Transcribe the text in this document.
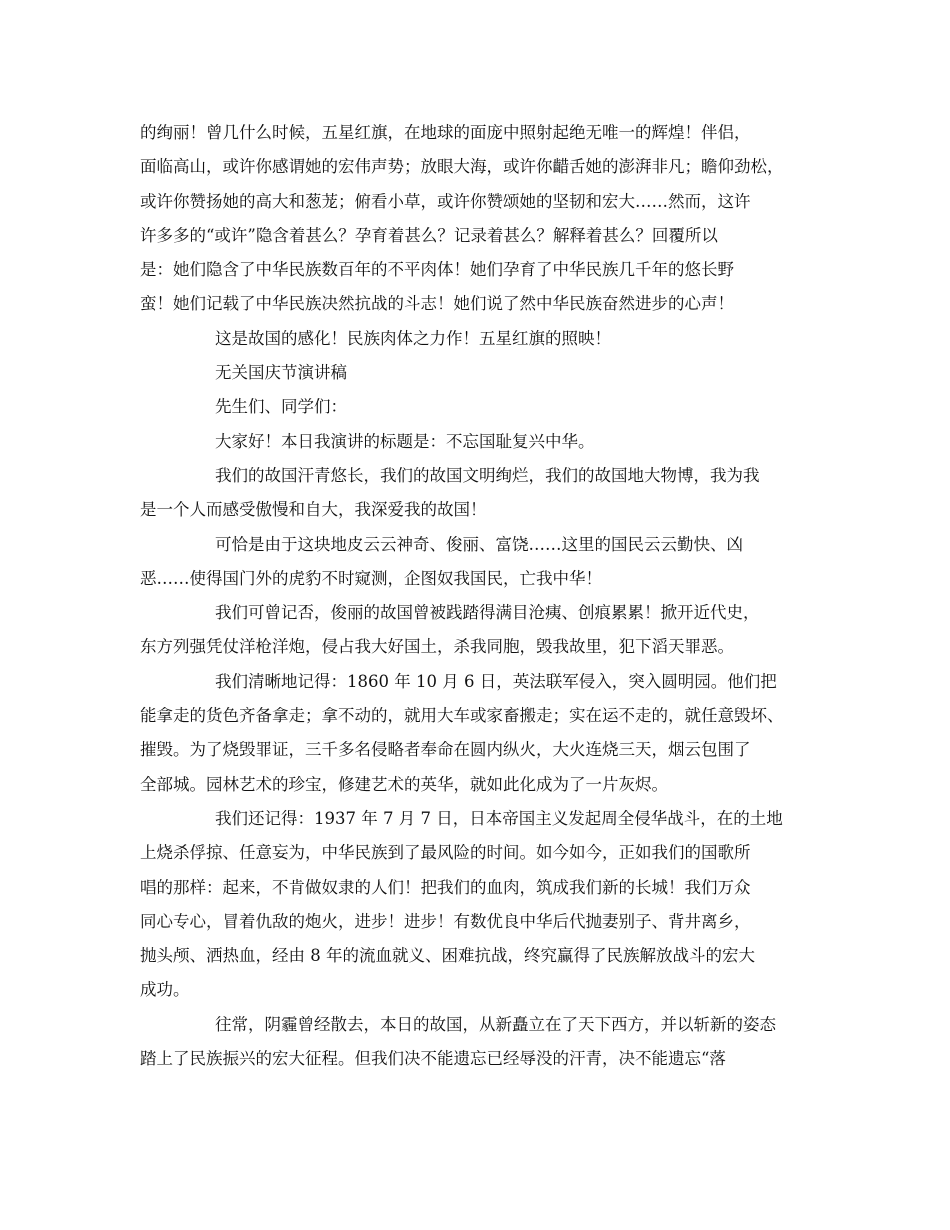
的绚丽！曾几什么时候，五星红旗，在地球的面庞中照射起绝无唯一的辉煌！伴侣，
面临高山，或许你感谓她的宏伟声势；放眼大海，或许你齰舌她的澎湃非凡；瞻仰劲松，
或许你赞扬她的高大和葱茏；俯看小草，或许你赞颂她的坚韧和宏大……然而，这许
许多多的“或许”隐含着甚么？孕育着甚么？记录着甚么？解释着甚么？回覆所以
是：她们隐含了中华民族数百年的不平肉体！她们孕育了中华民族几千年的悠长野
蛮！她们记载了中华民族决然抗战的斗志！她们说了然中华民族奋然进步的心声！
这是故国的感化！民族肉体之力作！五星红旗的照映！
无关国庆节演讲稿
先生们、同学们：
大家好！本日我演讲的标题是：不忘国耻复兴中华。
我们的故国汗青悠长，我们的故国文明绚烂，我们的故国地大物博，我为我
是一个人而感受傲慢和自大，我深爱我的故国！
可恰是由于这块地皮云云神奇、俊丽、富饶……这里的国民云云勤快、凶
恶……使得国门外的虎豹不时窥测，企图奴我国民，亡我中华！
我们可曾记否，俊丽的故国曾被践踏得满目沧痍、创痕累累！掀开近代史，
东方列强凭仗洋枪洋炮，侵占我大好国土，杀我同胞，毁我故里，犯下滔天罪恶。
我们清晰地记得：1860 年 10 月 6 日，英法联军侵入，突入圆明园。他们把
能拿走的货色齐备拿走；拿不动的，就用大车或家畜搬走；实在运不走的，就任意毁坏、
摧毁。为了烧毁罪证，三千多名侵略者奉命在圆内纵火，大火连烧三天，烟云包围了
全部城。园林艺术的珍宝，修建艺术的英华，就如此化成为了一片灰烬。
我们还记得：1937 年 7 月 7 日，日本帝国主义发起周全侵华战斗，在的土地
上烧杀俘掠、任意妄为，中华民族到了最风险的时间。如今如今，正如我们的国歌所
唱的那样：起来，不肯做奴隶的人们！把我们的血肉，筑成我们新的长城！我们万众
同心专心，冒着仇敌的炮火，进步！进步！有数优良中华后代抛妻别子、背井离乡，
抛头颅、洒热血，经由 8 年的流血就义、困难抗战，终究赢得了民族解放战斗的宏大
成功。
往常，阴霾曾经散去，本日的故国，从新矗立在了天下西方，并以斩新的姿态
踏上了民族振兴的宏大征程。但我们决不能遗忘已经辱没的汗青，决不能遗忘“落
